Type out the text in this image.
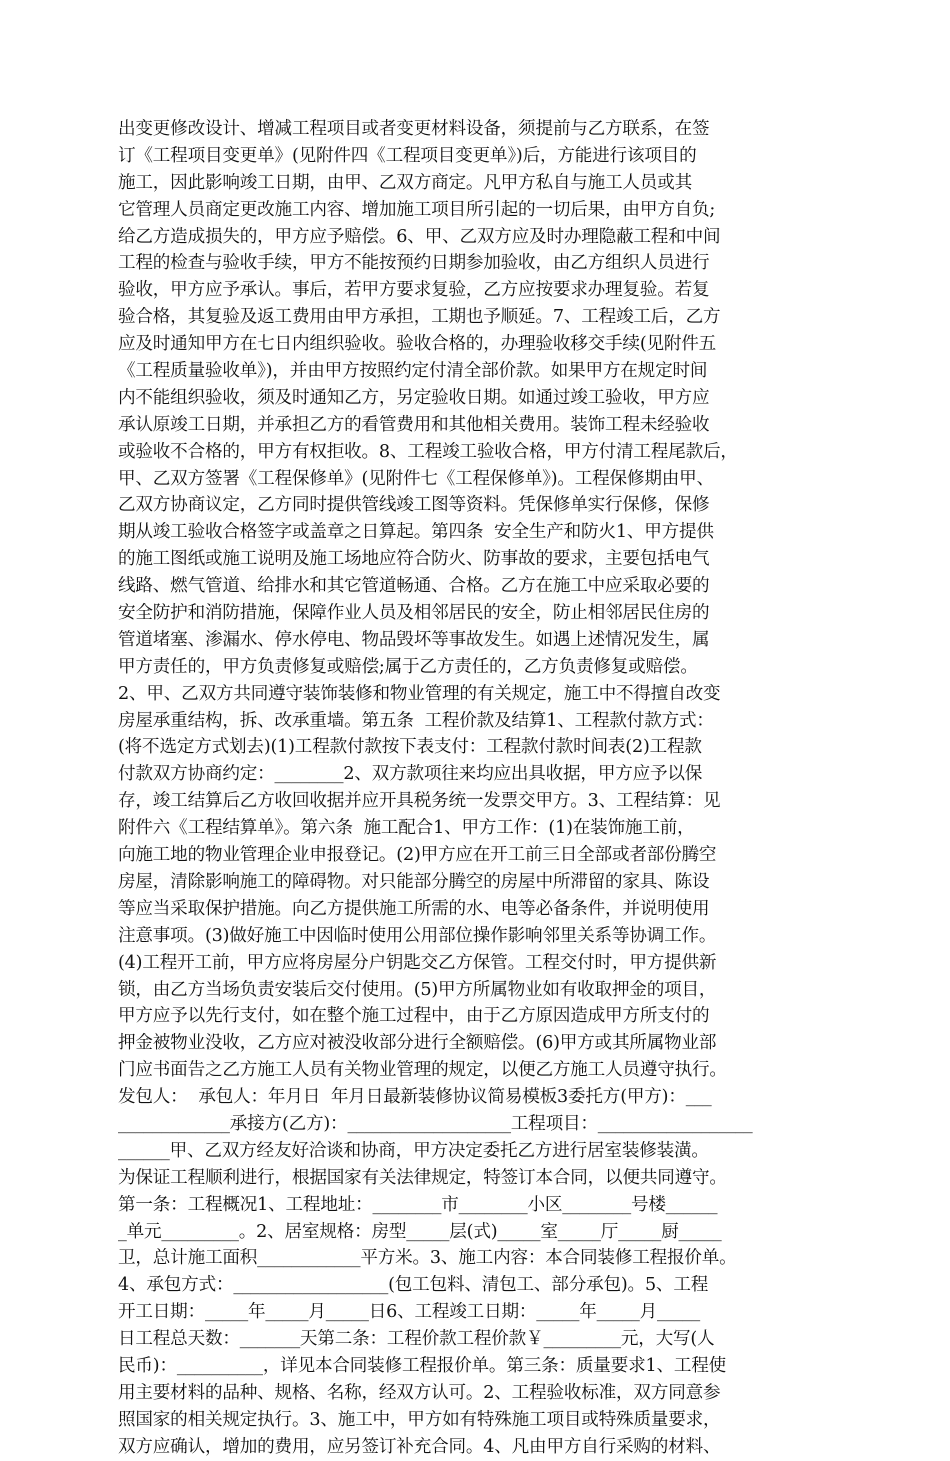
出变更修改设计、增减工程项目或者变更材料设备，须提前与乙方联系，在签
订《工程项目变更单》(见附件四《工程项目变更单》)后，方能进行该项目的
施工，因此影响竣工日期，由甲、乙双方商定。凡甲方私自与施工人员或其
它管理人员商定更改施工内容、增加施工项目所引起的一切后果，由甲方自负;
给乙方造成损失的，甲方应予赔偿。6、甲、乙双方应及时办理隐蔽工程和中间
工程的检查与验收手续，甲方不能按预约日期参加验收，由乙方组织人员进行
验收，甲方应予承认。事后，若甲方要求复验，乙方应按要求办理复验。若复
验合格，其复验及返工费用由甲方承担，工期也予顺延。7、工程竣工后，乙方
应及时通知甲方在七日内组织验收。验收合格的，办理验收移交手续(见附件五
《工程质量验收单》)，并由甲方按照约定付清全部价款。如果甲方在规定时间
内不能组织验收，须及时通知乙方，另定验收日期。如通过竣工验收，甲方应
承认原竣工日期，并承担乙方的看管费用和其他相关费用。装饰工程未经验收
或验收不合格的，甲方有权拒收。8、工程竣工验收合格，甲方付清工程尾款后，
甲、乙双方签署《工程保修单》(见附件七《工程保修单》)。工程保修期由甲、
乙双方协商议定，乙方同时提供管线竣工图等资料。凭保修单实行保修，保修
期从竣工验收合格签字或盖章之日算起。第四条  安全生产和防火1、甲方提供
的施工图纸或施工说明及施工场地应符合防火、防事故的要求，主要包括电气
线路、燃气管道、给排水和其它管道畅通、合格。乙方在施工中应采取必要的
安全防护和消防措施，保障作业人员及相邻居民的安全，防止相邻居民住房的
管道堵塞、渗漏水、停水停电、物品毁坏等事故发生。如遇上述情况发生，属
甲方责任的，甲方负责修复或赔偿;属于乙方责任的，乙方负责修复或赔偿。
2、甲、乙双方共同遵守装饰装修和物业管理的有关规定，施工中不得擅自改变
房屋承重结构，拆、改承重墙。第五条  工程价款及结算1、工程款付款方式：
(将不选定方式划去)(1)工程款付款按下表支付：工程款付款时间表(2)工程款
付款双方协商约定：________2、双方款项往来均应出具收据，甲方应予以保
存，竣工结算后乙方收回收据并应开具税务统一发票交甲方。3、工程结算：见
附件六《工程结算单》。第六条  施工配合1、甲方工作：(1)在装饰施工前，
向施工地的物业管理企业申报登记。(2)甲方应在开工前三日全部或者部份腾空
房屋，清除影响施工的障碍物。对只能部分腾空的房屋中所滞留的家具、陈设
等应当采取保护措施。向乙方提供施工所需的水、电等必备条件，并说明使用
注意事项。(3)做好施工中因临时使用公用部位操作影响邻里关系等协调工作。
(4)工程开工前，甲方应将房屋分户钥匙交乙方保管。工程交付时，甲方提供新
锁，由乙方当场负责安装后交付使用。(5)甲方所属物业如有收取押金的项目，
甲方应予以先行支付，如在整个施工过程中，由于乙方原因造成甲方所支付的
押金被物业没收，乙方应对被没收部分进行全额赔偿。(6)甲方或其所属物业部
门应书面告之乙方施工人员有关物业管理的规定，以便乙方施工人员遵守执行。
发包人：  承包人：年月日  年月日最新装修协议简易模板3委托方(甲方)：___
_____________承接方(乙方)：___________________工程项目：__________________
______甲、乙双方经友好洽谈和协商，甲方决定委托乙方进行居室装修装潢。
为保证工程顺利进行，根据国家有关法律规定，特签订本合同，以便共同遵守。
第一条：工程概况1、工程地址：________市________小区________号楼______
_单元_________。2、居室规格：房型_____层(式)_____室_____厅_____厨_____
卫，总计施工面积____________平方米。3、施工内容：本合同装修工程报价单。
4、承包方式：__________________(包工包料、清包工、部分承包)。5、工程
开工日期：_____年_____月_____日6、工程竣工日期：_____年_____月_____
日工程总天数：_______天第二条：工程价款工程价款￥_________元，大写(人
民币)：__________，详见本合同装修工程报价单。第三条：质量要求1、工程使
用主要材料的品种、规格、名称，经双方认可。2、工程验收标准，双方同意参
照国家的相关规定执行。3、施工中，甲方如有特殊施工项目或特殊质量要求，
双方应确认，增加的费用，应另签订补充合同。4、凡由甲方自行采购的材料、
